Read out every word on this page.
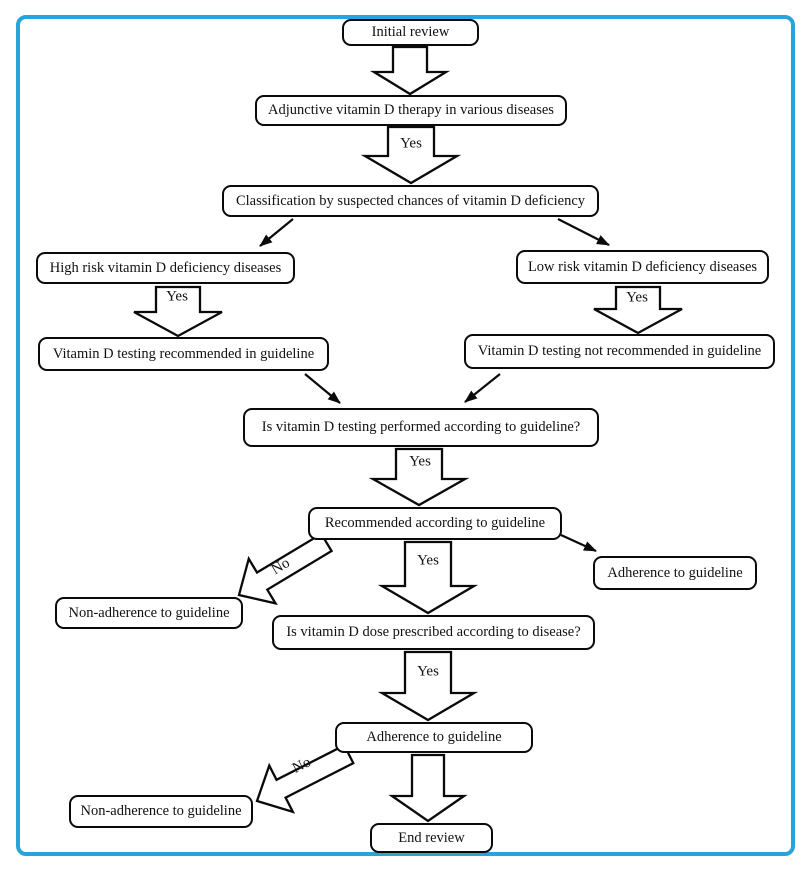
Initial review
Adjunctive vitamin D therapy in various diseases
Classification by suspected chances of vitamin D deficiency
High risk vitamin D deficiency diseases	Low risk vitamin D deficiency diseases
Vitamin D testing recommended in guideline	Vitamin D testing not recommended in guideline
Is vitamin D testing performed according to guideline?
Recommended according to guideline
Adherence to guideline
Non-adherence to guideline
Is vitamin D dose prescribed according to disease?
Adherence to guideline
Non-adherence to guideline
End review
Yes
Yes	Yes
Yes
Yes
Yes
No
No
